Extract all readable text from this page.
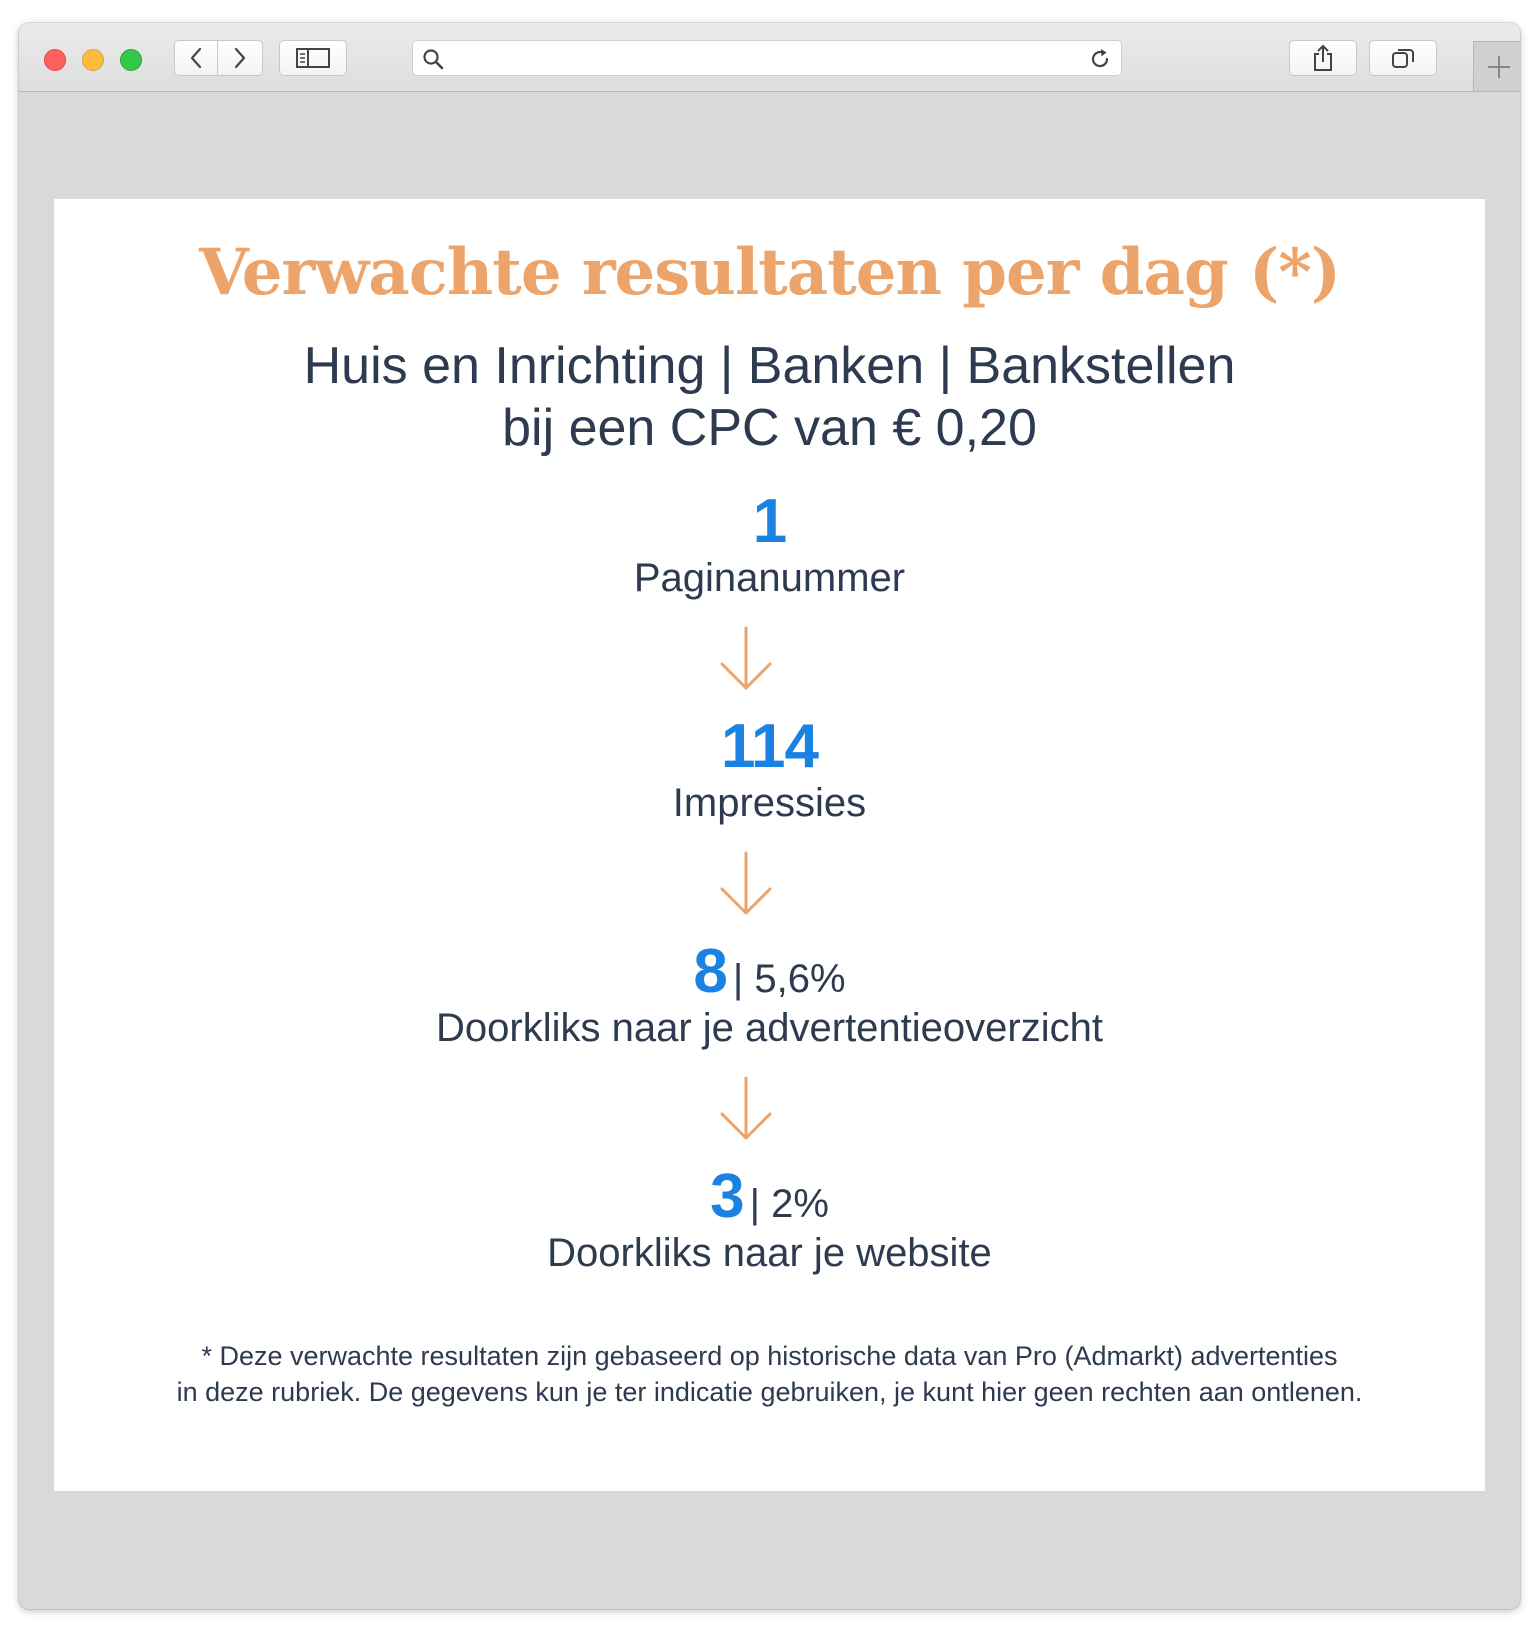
Verwachte resultaten per dag (*)
Huis en Inrichting | Banken | Bankstellen
bij een CPC van € 0,20
1
Paginanummer
114
Impressies
8 | 5,6%
Doorkliks naar je advertentieoverzicht
3 | 2%
Doorkliks naar je website
* Deze verwachte resultaten zijn gebaseerd op historische data van Pro (Admarkt) advertenties
in deze rubriek. De gegevens kun je ter indicatie gebruiken, je kunt hier geen rechten aan ontlenen.
